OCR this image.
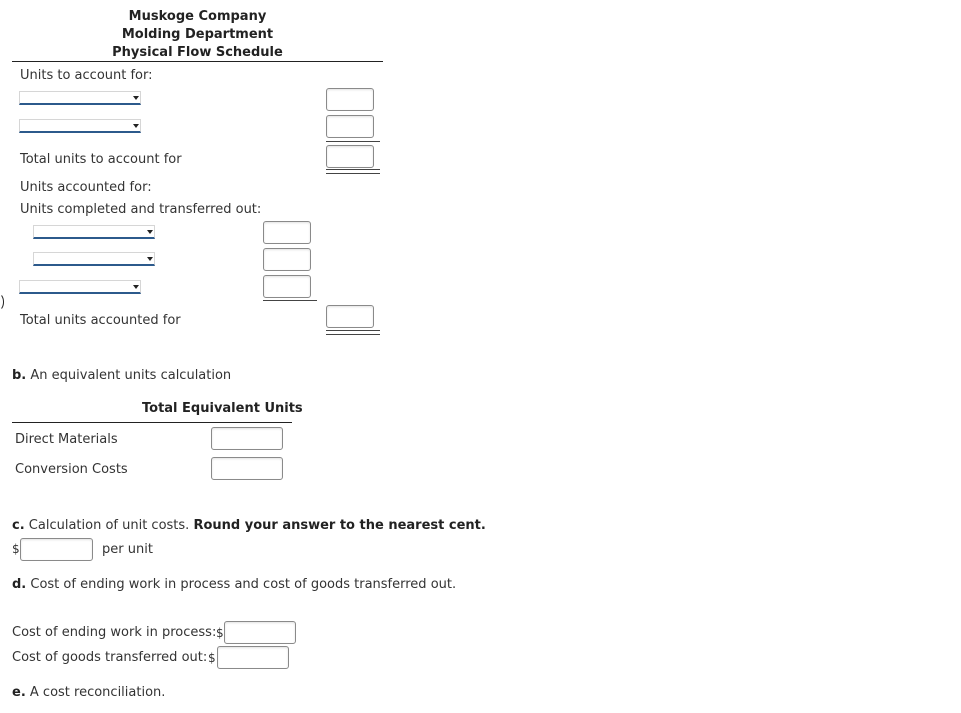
Muskoge Company
Molding Department
Physical Flow Schedule
Units to account for:
Total units to account for
Units accounted for:
Units completed and transferred out:
Total units accounted for
b. An equivalent units calculation
Total Equivalent Units
Direct Materials
Conversion Costs
c. Calculation of unit costs. Round your answer to the nearest cent.
$	per unit
d. Cost of ending work in process and cost of goods transferred out.
Cost of ending work in process: $
Cost of goods transferred out: $
e. A cost reconciliation.
